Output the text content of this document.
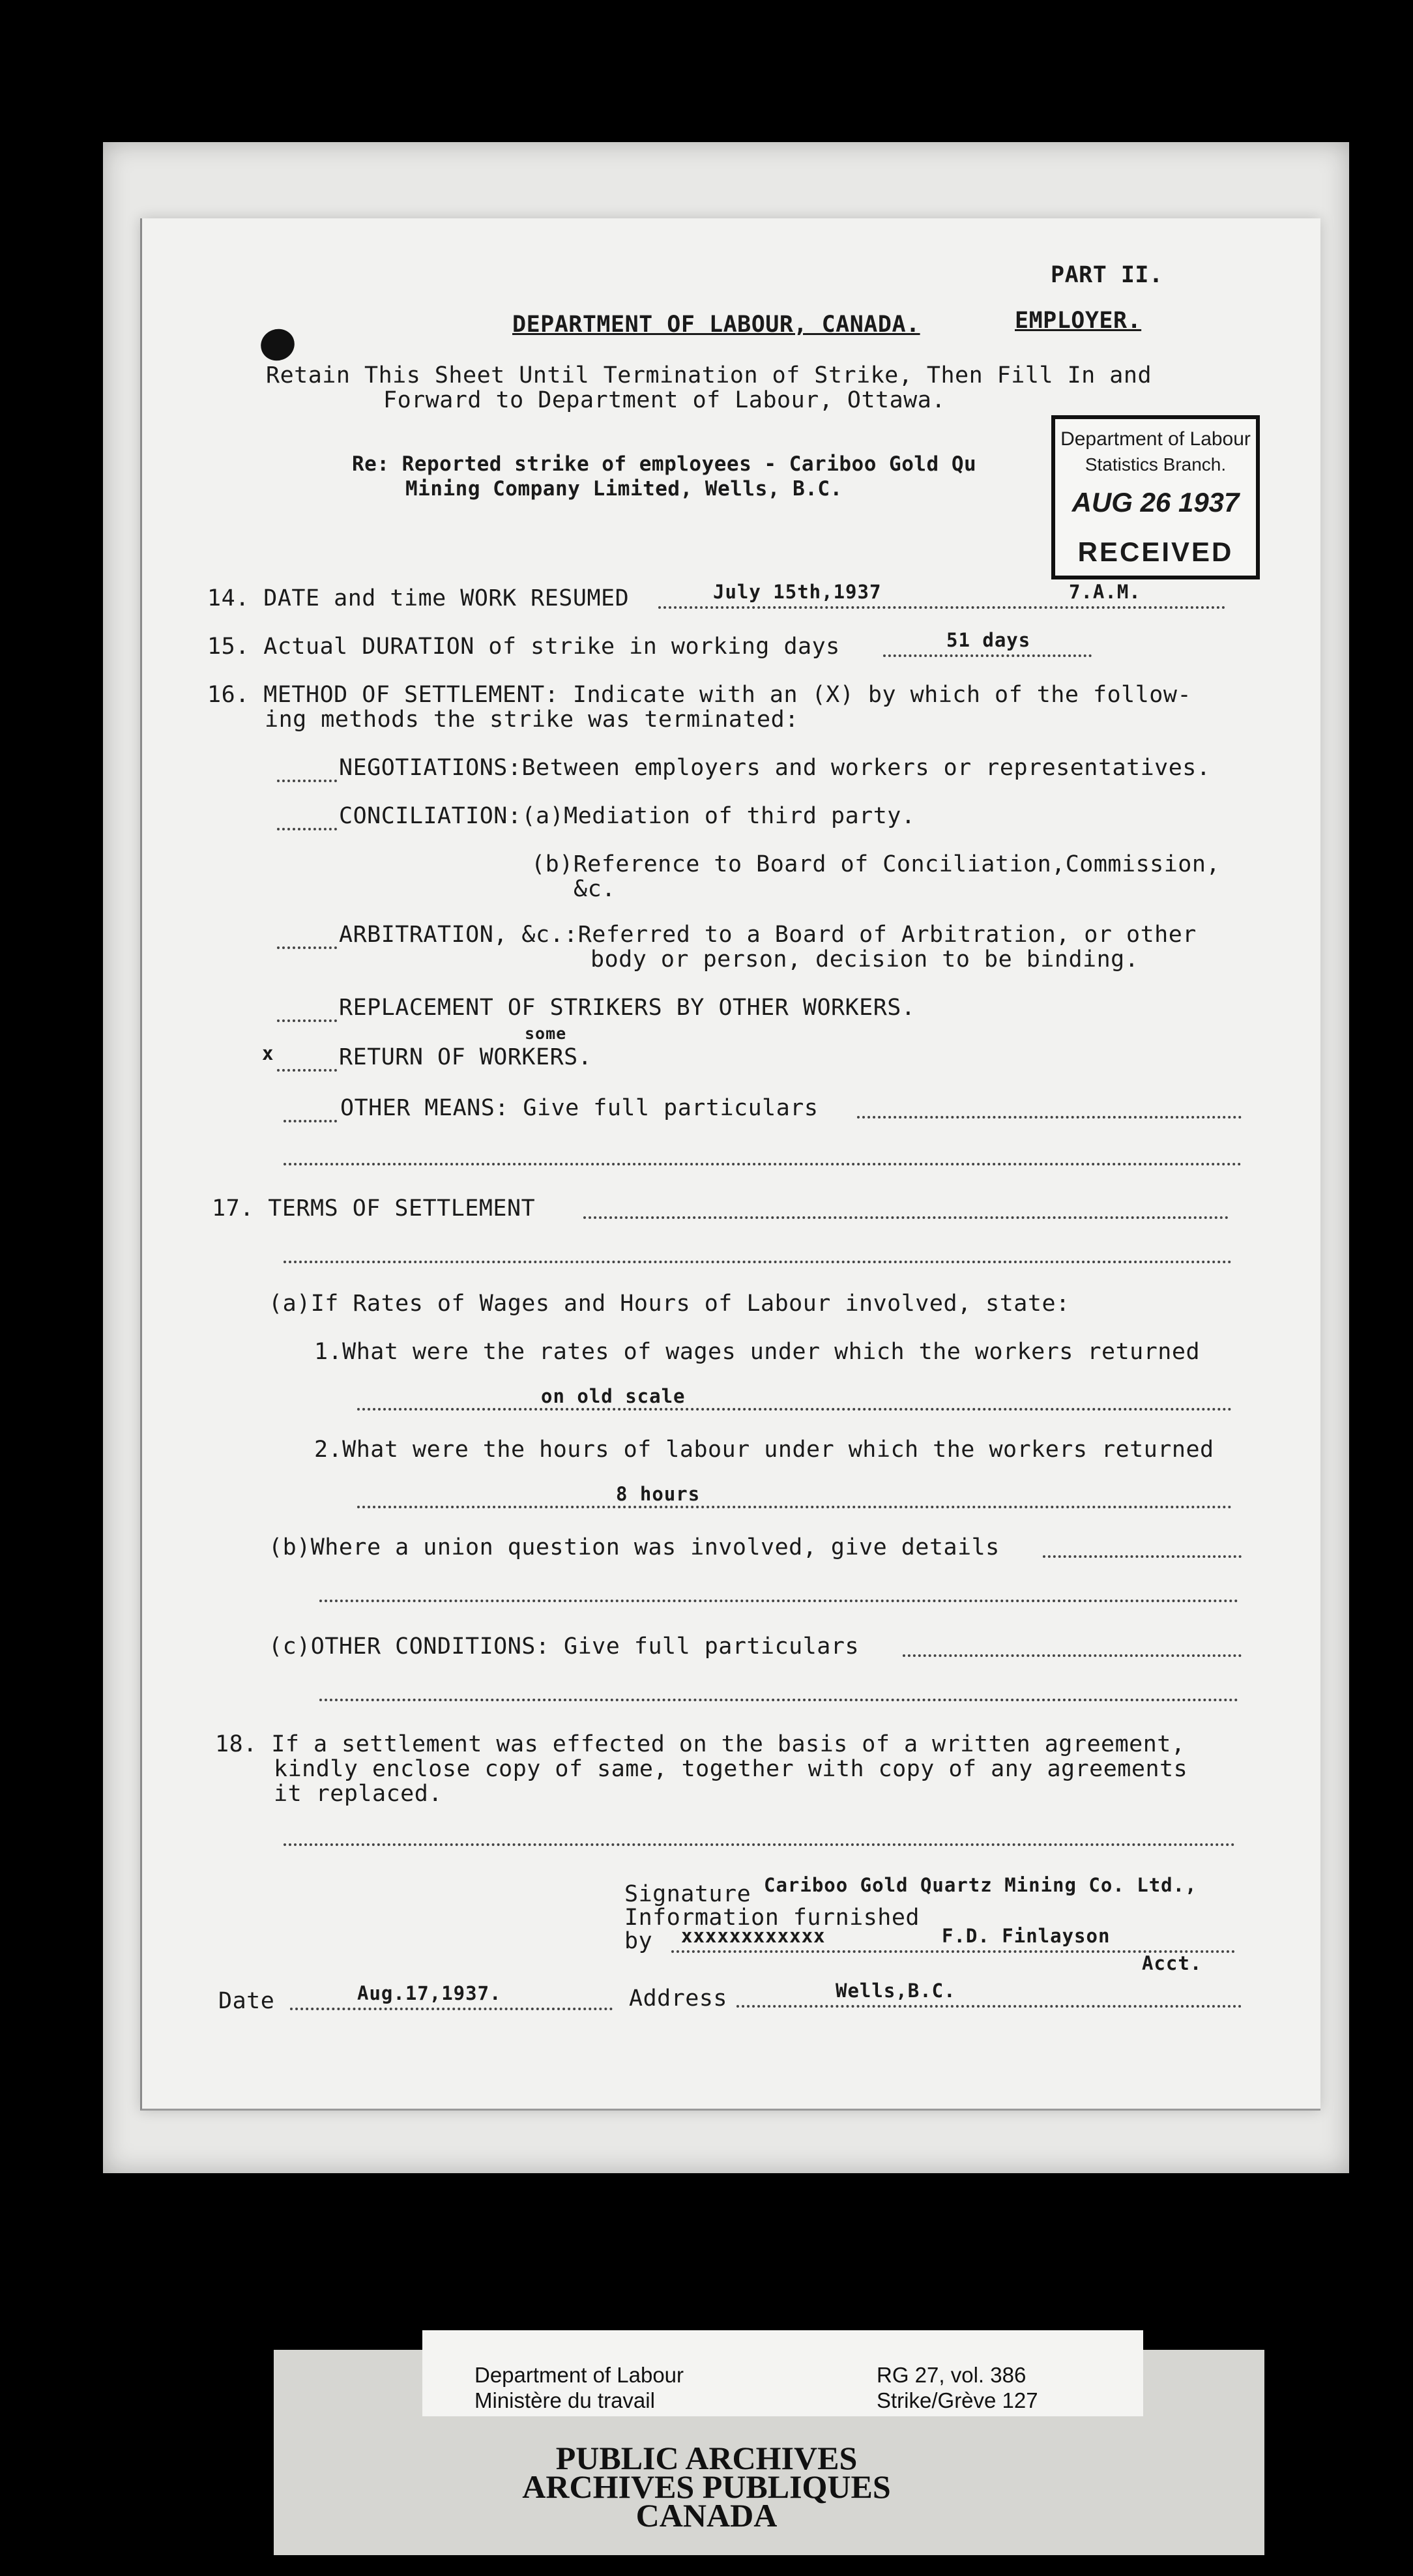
PART II.
EMPLOYER.
DEPARTMENT OF LABOUR, CANADA.
Retain This Sheet Until Termination of Strike, Then Fill In and
Forward to Department of Labour, Ottawa.
Re: Reported strike of employees - Cariboo Gold Qu
Mining Company Limited, Wells, B.C.
Department of Labour
Statistics Branch.
AUG 26 1937
RECEIVED
14. DATE and time WORK RESUMED	July 15th,1937	7.A.M.
15. Actual DURATION of strike in working days	51 days
16. METHOD OF SETTLEMENT: Indicate with an (X) by which of the follow-
ing methods the strike was terminated:
NEGOTIATIONS:Between employers and workers or representatives.
CONCILIATION:(a)Mediation of third party.
(b)Reference to Board of Conciliation,Commission,
&c.
ARBITRATION, &c.:Referred to a Board of Arbitration, or other
body or person, decision to be binding.
REPLACEMENT OF STRIKERS BY OTHER WORKERS.
x
some
RETURN OF WORKERS.
OTHER MEANS: Give full particulars
17. TERMS OF SETTLEMENT
(a)If Rates of Wages and Hours of Labour involved, state:
1.What were the rates of wages under which the workers returned
on old scale
2.What were the hours of labour under which the workers returned
8 hours
(b)Where a union question was involved, give details
(c)OTHER CONDITIONS: Give full particulars
18. If a settlement was effected on the basis of a written agreement,
kindly enclose copy of same, together with copy of any agreements
it replaced.
Signature Cariboo Gold Quartz Mining Co. Ltd.,
Information furnished
by xxxxxxxxxxxx	F.D. Finlayson
Acct.
Date	Aug.17,1937.	Address	Wells,B.C.
Department of Labour
Ministère du travail
RG 27, vol. 386
Strike/Grève 127
PUBLIC ARCHIVES
ARCHIVES PUBLIQUES
CANADA
